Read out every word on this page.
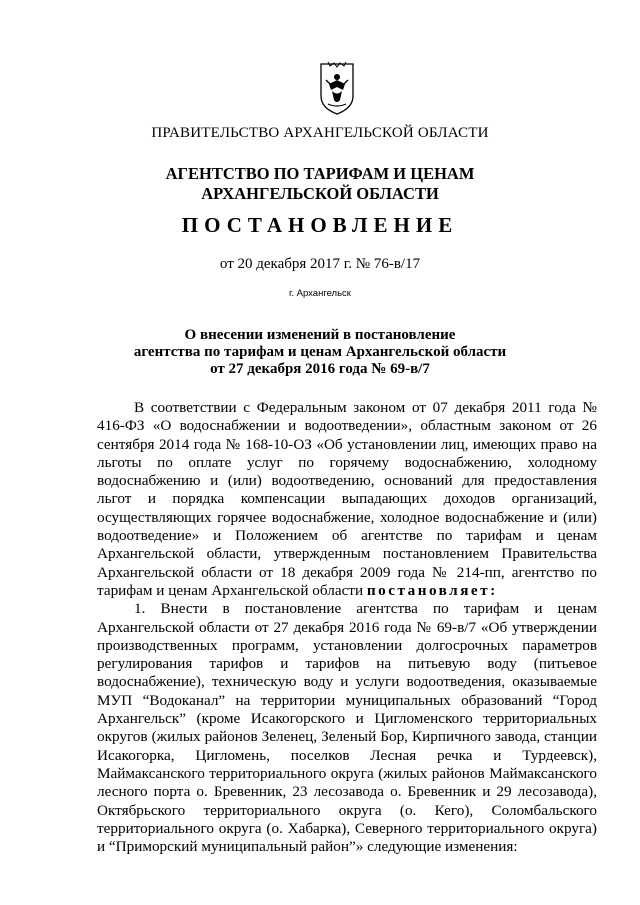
ПРАВИТЕЛЬСТВО АРХАНГЕЛЬСКОЙ ОБЛАСТИ
АГЕНТСТВО ПО ТАРИФАМ И ЦЕНАМ
АРХАНГЕЛЬСКОЙ ОБЛАСТИ
ПОСТАНОВЛЕНИЕ
от 20 декабря 2017 г. № 76-в/17
г. Архангельск
О внесении изменений в постановление
агентства по тарифам и ценам Архангельской области
от 27 декабря 2016 года № 69-в/7

В соответствии с Федеральным законом от 07 декабря 2011 года № 416-ФЗ «О водоснабжении и водоотведении», областным законом от 26 сентября 2014 года № 168-10-ОЗ «Об установлении лиц, имеющих право на льготы по оплате услуг по горячему водоснабжению, холодному водоснабжению и (или) водоотведению, оснований для предоставления льгот и порядка компенсации выпадающих доходов организаций, осуществляющих горячее водоснабжение, холодное водоснабжение и (или) водоотведение» и Положением об агентстве по тарифам и ценам Архангельской области, утвержденным постановлением Правительства Архангельской области от 18 декабря 2009 года № 214-пп, агентство по тарифам и ценам Архангельской области постановляет:

1. Внести в постановление агентства по тарифам и ценам Архангельской области от 27 декабря 2016 года № 69-в/7 «Об утверждении производственных программ, установлении долгосрочных параметров регулирования тарифов и тарифов на питьевую воду (питьевое водоснабжение), техническую воду и услуги водоотведения, оказываемые МУП “Водоканал” на территории муниципальных образований “Город Архангельск” (кроме Исакогорского и Цигломенского территориальных округов (жилых районов Зеленец, Зеленый Бор, Кирпичного завода, станции Исакогорка, Цигломень, поселков Лесная речка и Турдеевск), Маймаксанского территориального округа (жилых районов Маймаксанского лесного порта о. Бревенник, 23 лесозавода о. Бревенник и 29 лесозавода), Октябрьского территориального округа (о. Кего), Соломбальского территориального округа (о. Хабарка), Северного территориального округа) и “Приморский муниципальный район”» следующие изменения:
